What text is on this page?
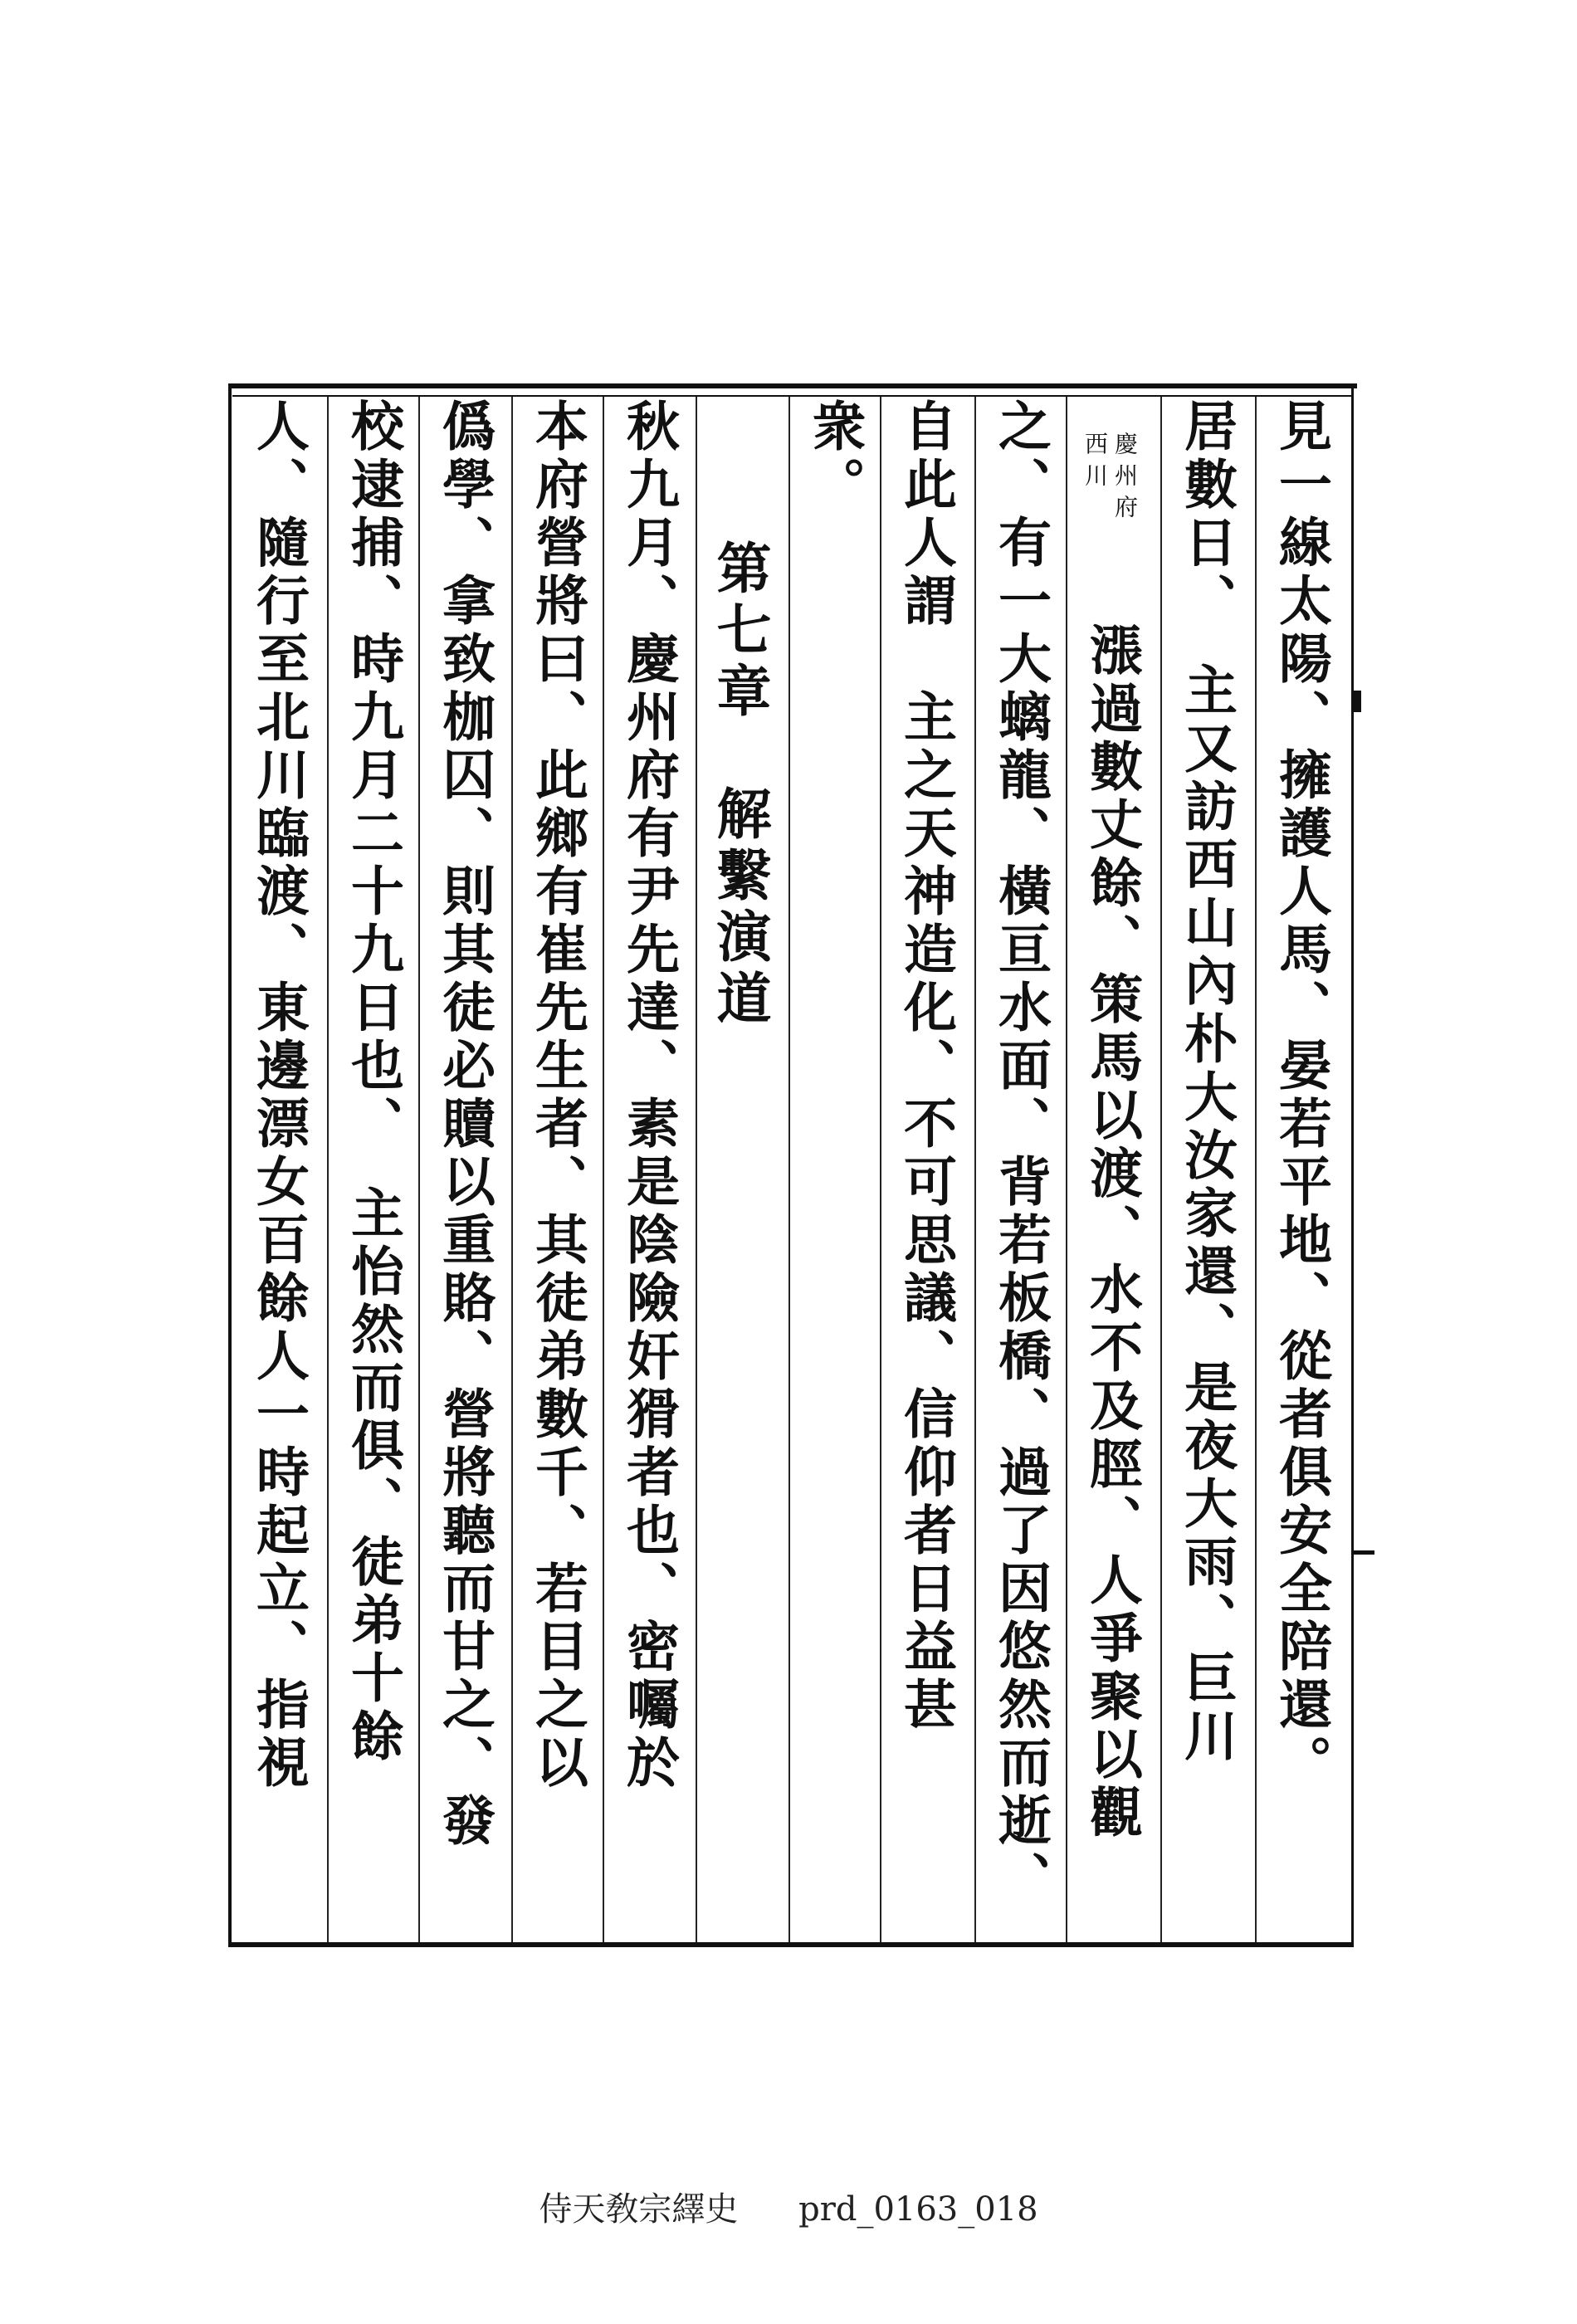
見一線太陽、擁護人馬、晏若平地、從者俱安全陪還。
居數日、　主又訪西山內朴大汝家還、是夜大雨、巨川
慶州府
西川
漲過數丈餘、策馬以渡、水不及脛、人爭聚以觀
之、有一大螭龍、橫亘水面、背若板橋、過了因悠然而逝、
自此人謂　主之天神造化、不可思議、信仰者日益甚
衆。
第七章　解繫演道
秋九月、慶州府有尹先達、素是陰險奸猾者也、密囑於
本府營將曰、此鄉有崔先生者、其徒弟數千、若目之以
僞學、拿致枷囚、則其徒必贖以重賂、營將聽而甘之、發
校逮捕、時九月二十九日也、　主怡然而俱、徒弟十餘
人、隨行至北川臨渡、東邊漂女百餘人一時起立、指視
侍天敎宗繹史 prd_0163_018
